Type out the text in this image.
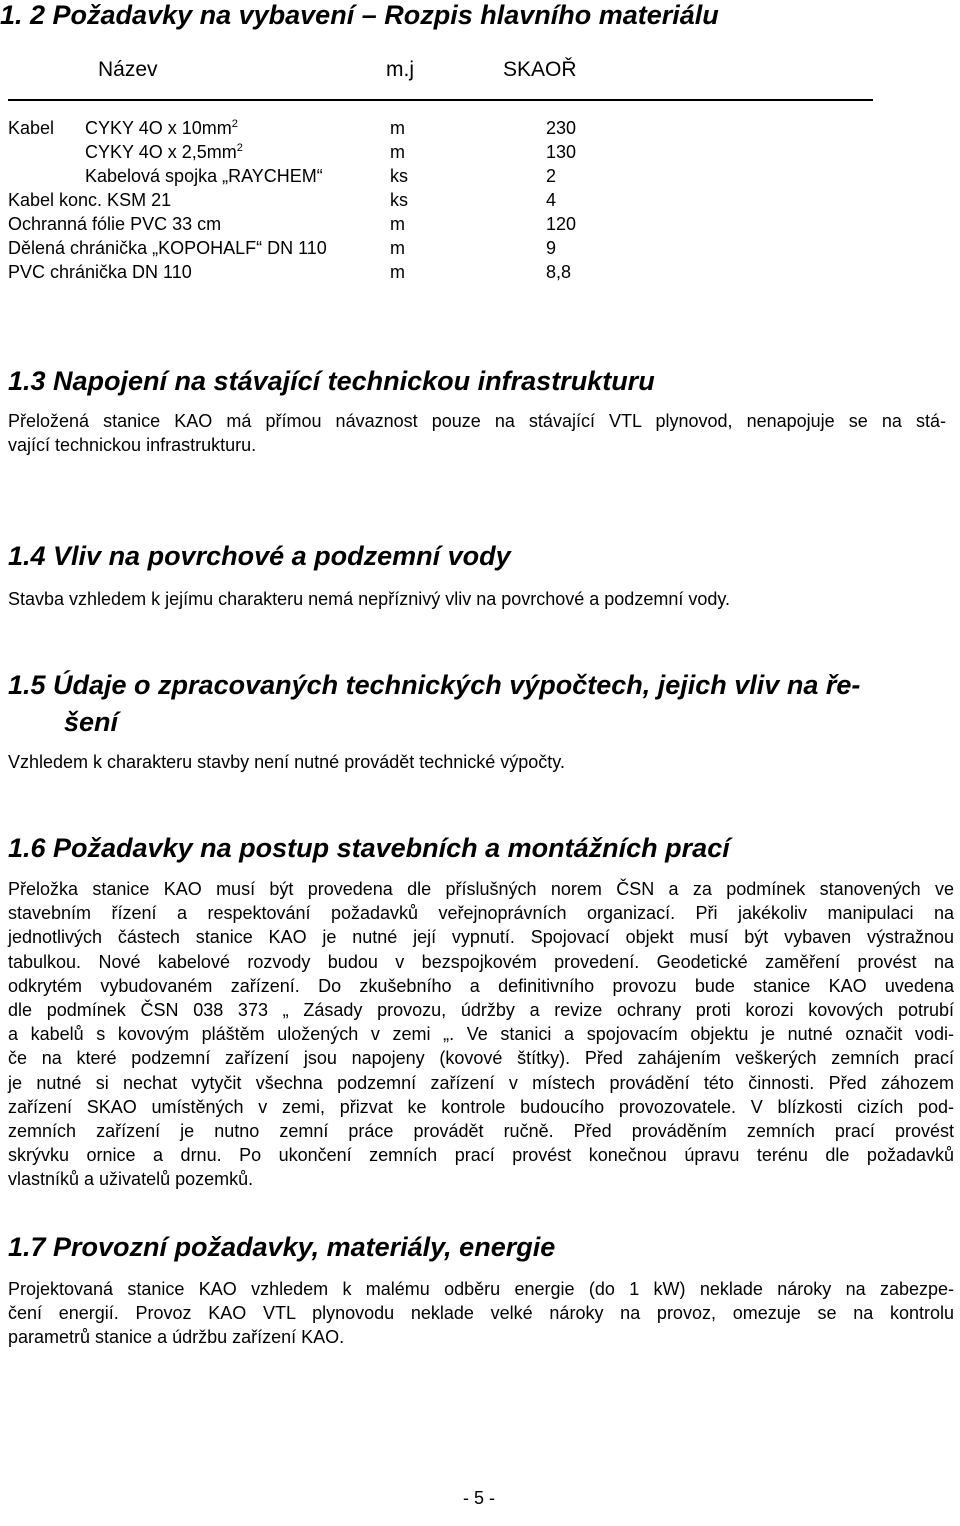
1. 2 Požadavky na vybavení – Rozpis hlavního materiálu
Název	m.j	SKAOŘ
Kabel CYKY 4O x $10mm^2$	m	230
CYKY 4O x $2,5mm^2$	m	130
Kabelová spojka „RAYCHEM“	ks	2
Kabel konc. KSM 21	ks	4
Ochranná fólie PVC 33 cm	m	120
Dělená chránička „KOPOHALF“ DN 110	m	9
PVC chránička DN 110	m	8,8
1.3 Napojení na stávající technickou infrastrukturu
Přeložená stanice KAO má přímou návaznost pouze na stávající VTL plynovod, nenapojuje se na stá-
vající technickou infrastrukturu.
1.4 Vliv na povrchové a podzemní vody
Stavba vzhledem k jejímu charakteru nemá nepříznivý vliv na povrchové a podzemní vody.
1.5 Údaje o zpracovaných technických výpočtech, jejich vliv na ře-
šení
Vzhledem k charakteru stavby není nutné provádět technické výpočty.
1.6 Požadavky na postup stavebních a montážních prací
Přeložka stanice KAO musí být provedena dle příslušných norem ČSN a za podmínek stanovených ve
stavebním řízení a respektování požadavků veřejnoprávních organizací. Při jakékoliv manipulaci na
jednotlivých částech stanice KAO je nutné její vypnutí. Spojovací objekt musí být vybaven výstražnou
tabulkou. Nové kabelové rozvody budou v bezspojkovém provedení. Geodetické zaměření provést na
odkrytém vybudovaném zařízení. Do zkušebního a definitivního provozu bude stanice KAO uvedena
dle podmínek ČSN 038 373 „ Zásady provozu, údržby a revize ochrany proti korozi kovových potrubí
a kabelů s kovovým pláštěm uložených v zemi „. Ve stanici a spojovacím objektu je nutné označit vodi-
če na které podzemní zařízení jsou napojeny (kovové štítky). Před zahájením veškerých zemních prací
je nutné si nechat vytyčit všechna podzemní zařízení v místech provádění této činnosti. Před záhozem
zařízení SKAO umístěných v zemi, přizvat ke kontrole budoucího provozovatele. V blízkosti cizích pod-
zemních zařízení je nutno zemní práce provádět ručně. Před prováděním zemních prací provést
skrývku ornice a drnu. Po ukončení zemních prací provést konečnou úpravu terénu dle požadavků
vlastníků a uživatelů pozemků.
1.7 Provozní požadavky, materiály, energie
Projektovaná stanice KAO vzhledem k malému odběru energie (do 1 kW) neklade nároky na zabezpe-
čení energií. Provoz KAO VTL plynovodu neklade velké nároky na provoz, omezuje se na kontrolu
parametrů stanice a údržbu zařízení KAO.
- 5 -
